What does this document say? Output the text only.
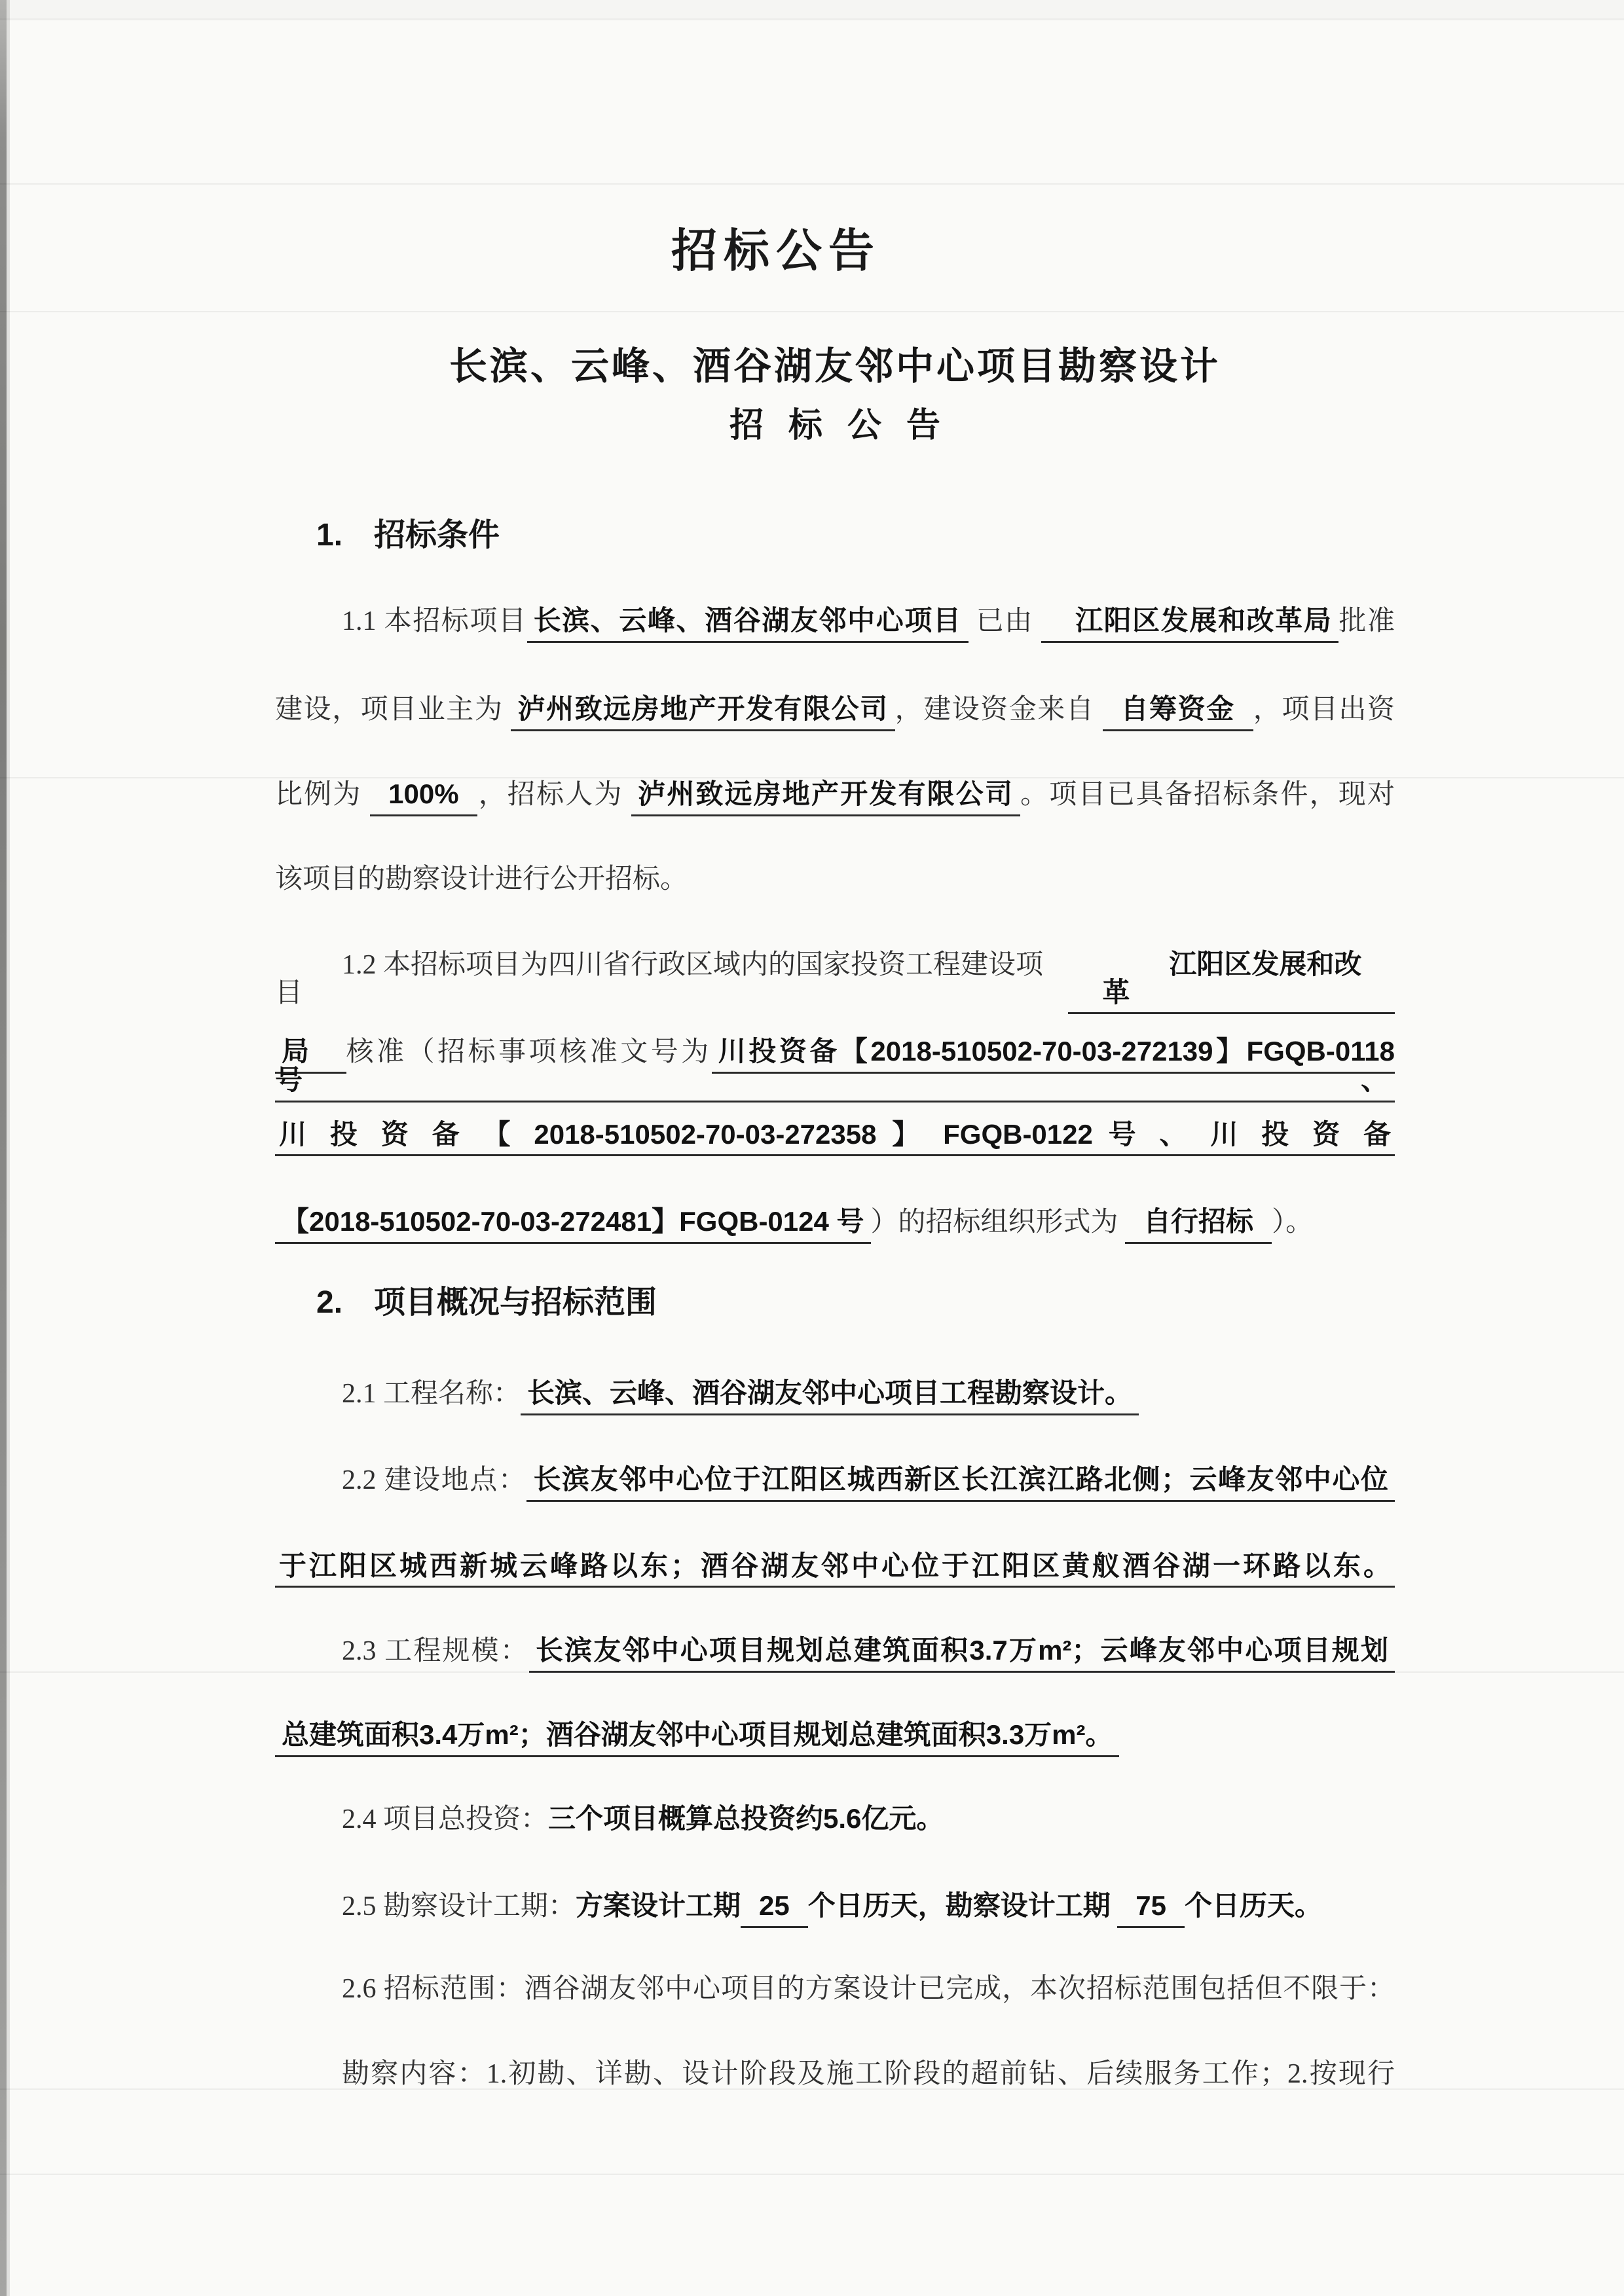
招标公告
长滨、云峰、酒谷湖友邻中心项目勘察设计
招标公告
1.　招标条件
1.1 本招标项目 长滨、云峰、酒谷湖友邻中心项目 已由 江阳区发展和改革局 批准
建设，项目业主为 泸州致远房地产开发有限公司 ，建设资金来自 自筹资金 ，项目出资
比例为 100% ，招标人为 泸州致远房地产开发有限公司 。项目已具备招标条件，现对
该项目的勘察设计进行公开招标。
1.2 本招标项目为四川省行政区域内的国家投资工程建设项目
江阳区发展和改革
局 核准（招标事项核准文号为 川投资备【2018-510502-70-03-272139】FGQB-0118 号、
川 投 资 备 【 2018-510502-70-03-272358 】 FGQB-0122 号 、 川 投 资 备
【2018-510502-70-03-272481】FGQB-0124 号 ）的招标组织形式为 自行招标 ）。
2.　项目概况与招标范围
2.1 工程名称： 长滨、云峰、酒谷湖友邻中心项目工程勘察设计。
2.2 建设地点： 长滨友邻中心位于江阳区城西新区长江滨江路北侧；云峰友邻中心位
于江阳区城西新城云峰路以东；酒谷湖友邻中心位于江阳区黄舣酒谷湖一环路以东。
2.3 工程规模： 长滨友邻中心项目规划总建筑面积3.7万m²；云峰友邻中心项目规划
总建筑面积3.4万m²；酒谷湖友邻中心项目规划总建筑面积3.3万m²。
2.4 项目总投资：三个项目概算总投资约5.6亿元。
2.5 勘察设计工期：方案设计工期 25 个日历天，勘察设计工期 75 个日历天。
2.6 招标范围：酒谷湖友邻中心项目的方案设计已完成，本次招标范围包括但不限于：
勘察内容：1.初勘、详勘、设计阶段及施工阶段的超前钻、后续服务工作；2.按现行
